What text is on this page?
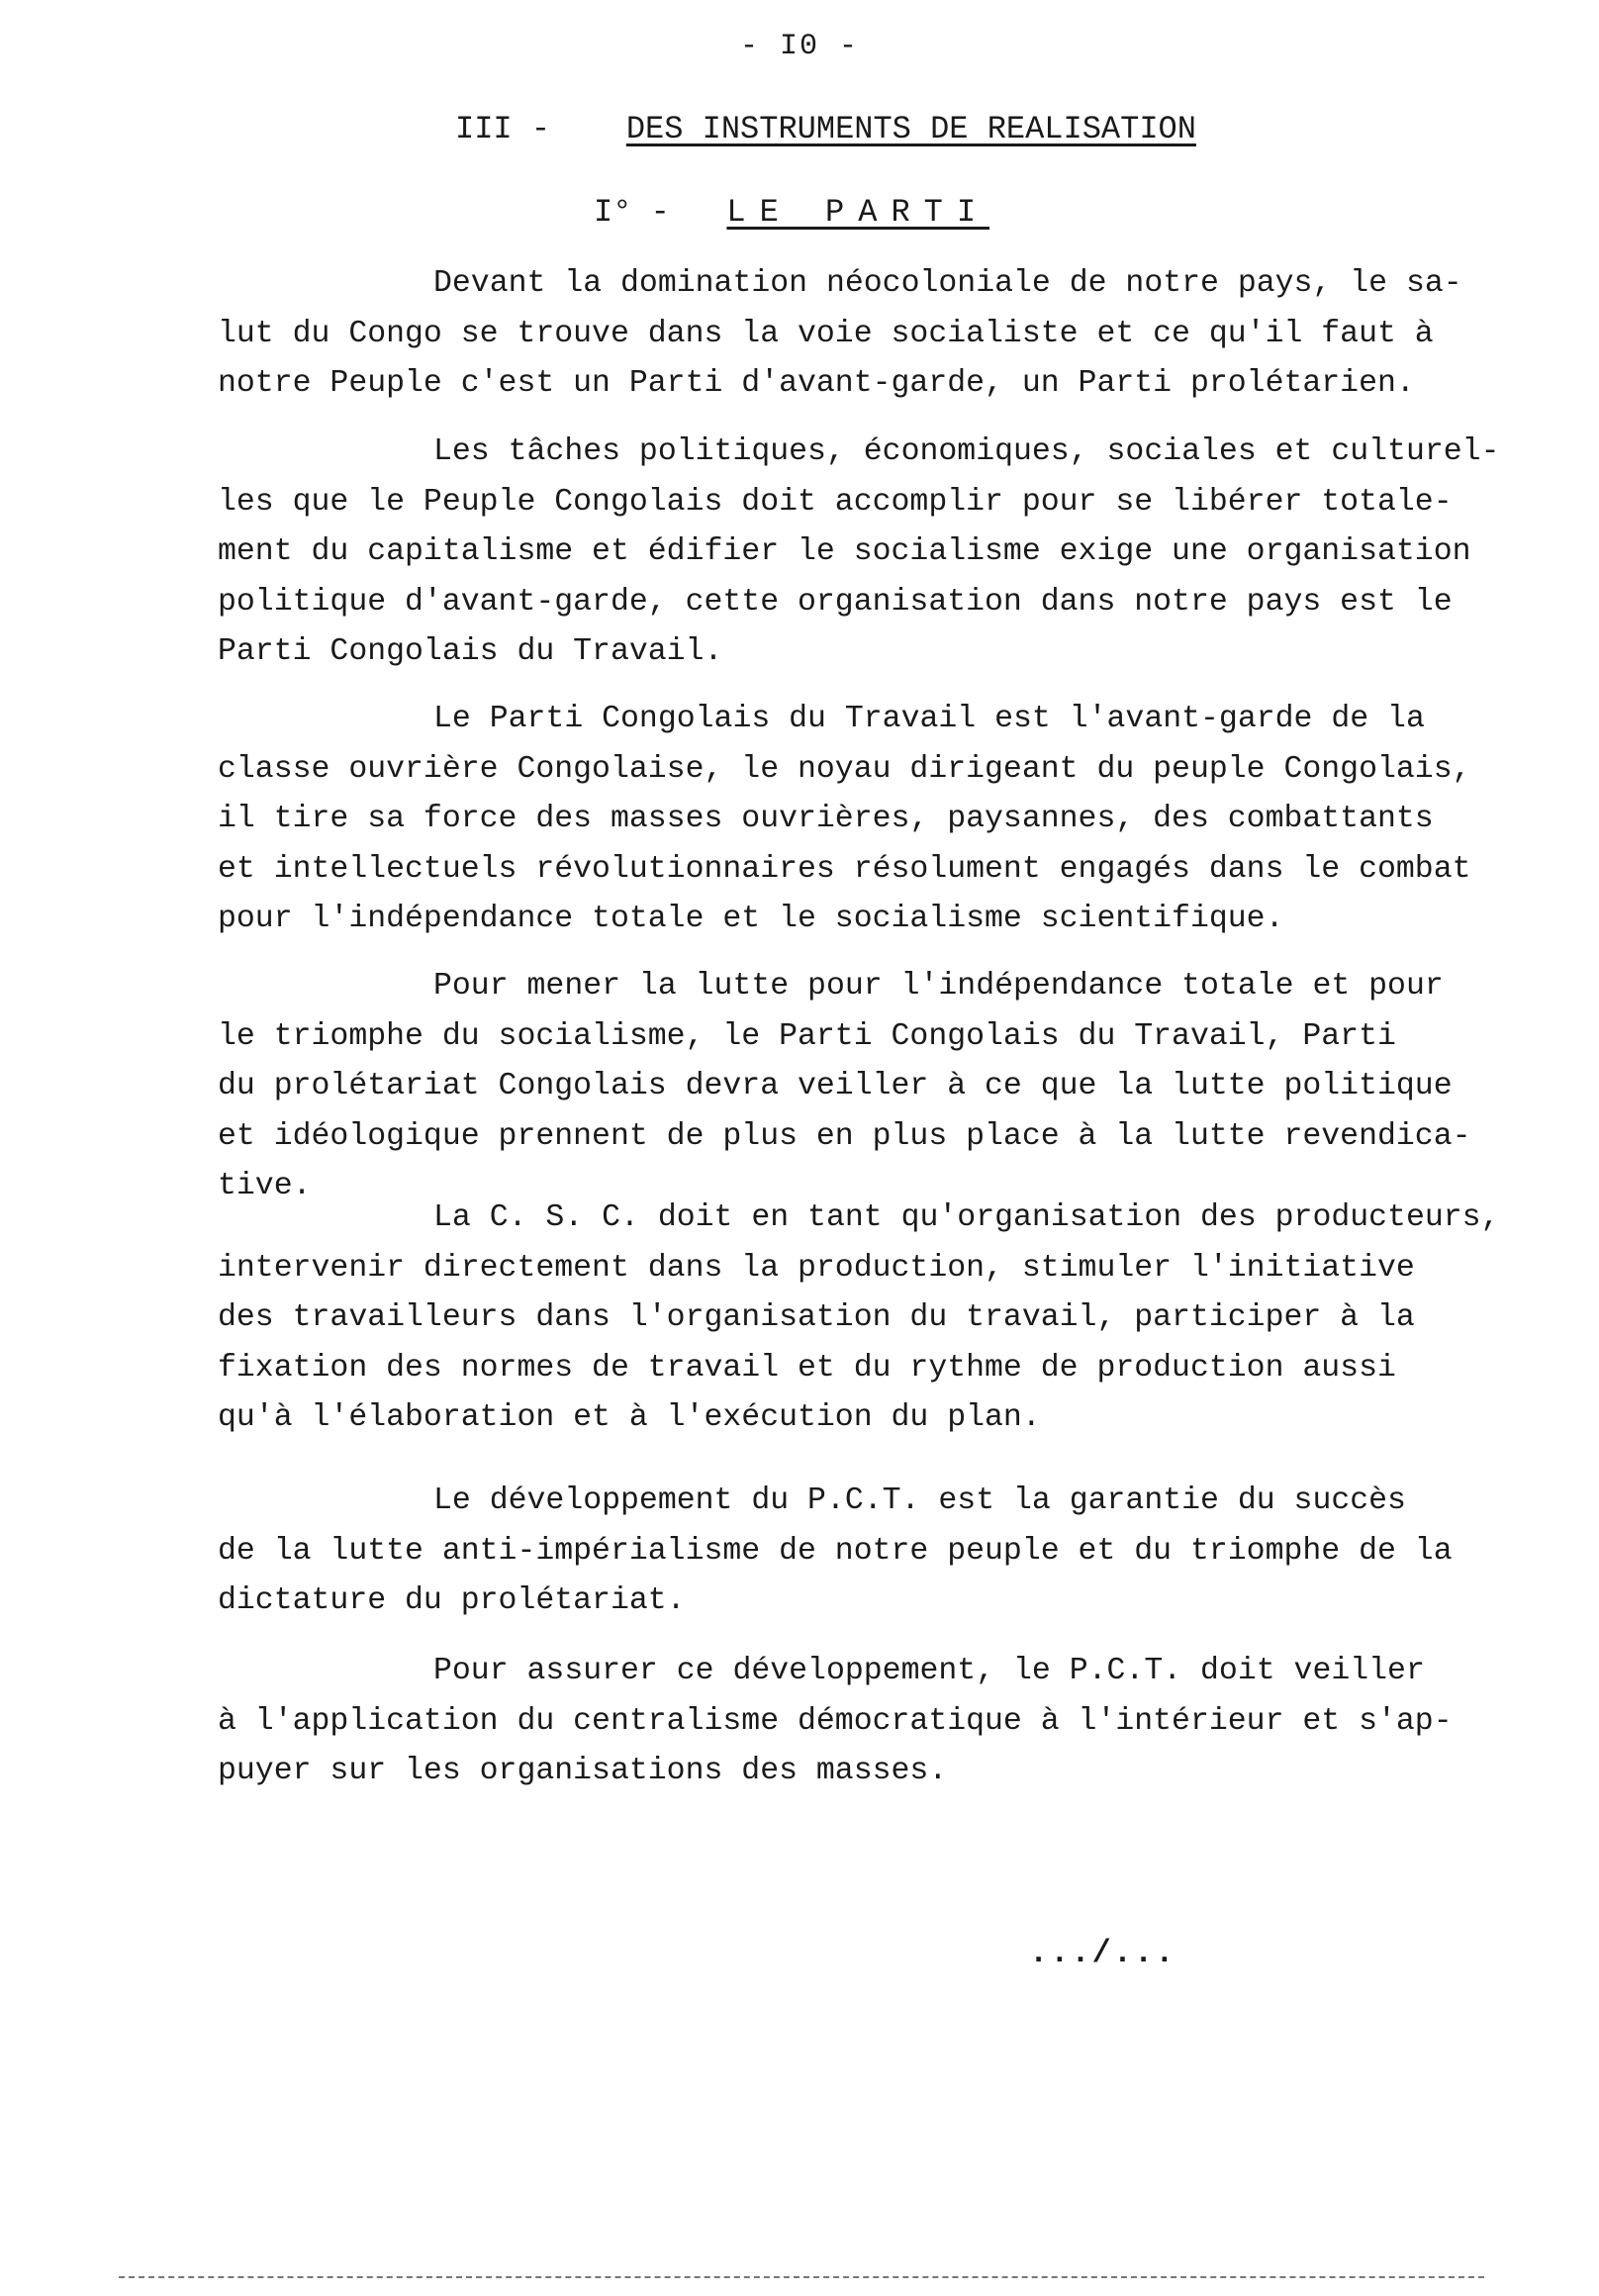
- I0 -
III - DES INSTRUMENTS DE REALISATION
I° - LE PARTI

Devant la domination néocoloniale de notre pays, le sa-
lut du Congo se trouve dans la voie socialiste et ce qu'il faut à
notre Peuple c'est un Parti d'avant-garde, un Parti prolétarien.

Les tâches politiques, économiques, sociales et culturel-
les que le Peuple Congolais doit accomplir pour se libérer totale-
ment du capitalisme et édifier le socialisme exige une organisation
politique d'avant-garde, cette organisation dans notre pays est le
Parti Congolais du Travail.

Le Parti Congolais du Travail est l'avant-garde de la
classe ouvrière Congolaise, le noyau dirigeant du peuple Congolais,
il tire sa force des masses ouvrières, paysannes, des combattants
et intellectuels révolutionnaires résolument engagés dans le combat
pour l'indépendance totale et le socialisme scientifique.

Pour mener la lutte pour l'indépendance totale et pour
le triomphe du socialisme, le Parti Congolais du Travail, Parti
du prolétariat Congolais devra veiller à ce que la lutte politique
et idéologique prennent de plus en plus place à la lutte revendica-
tive.

La C. S. C. doit en tant qu'organisation des producteurs,
intervenir directement dans la production, stimuler l'initiative
des travailleurs dans l'organisation du travail, participer à la
fixation des normes de travail et du rythme de production aussi
qu'à l'élaboration et à l'exécution du plan.

Le développement du P.C.T. est la garantie du succès
de la lutte anti-impérialisme de notre peuple et du triomphe de la
dictature du prolétariat.

Pour assurer ce développement, le P.C.T. doit veiller
à l'application du centralisme démocratique à l'intérieur et s'ap-
puyer sur les organisations des masses.

.../...
